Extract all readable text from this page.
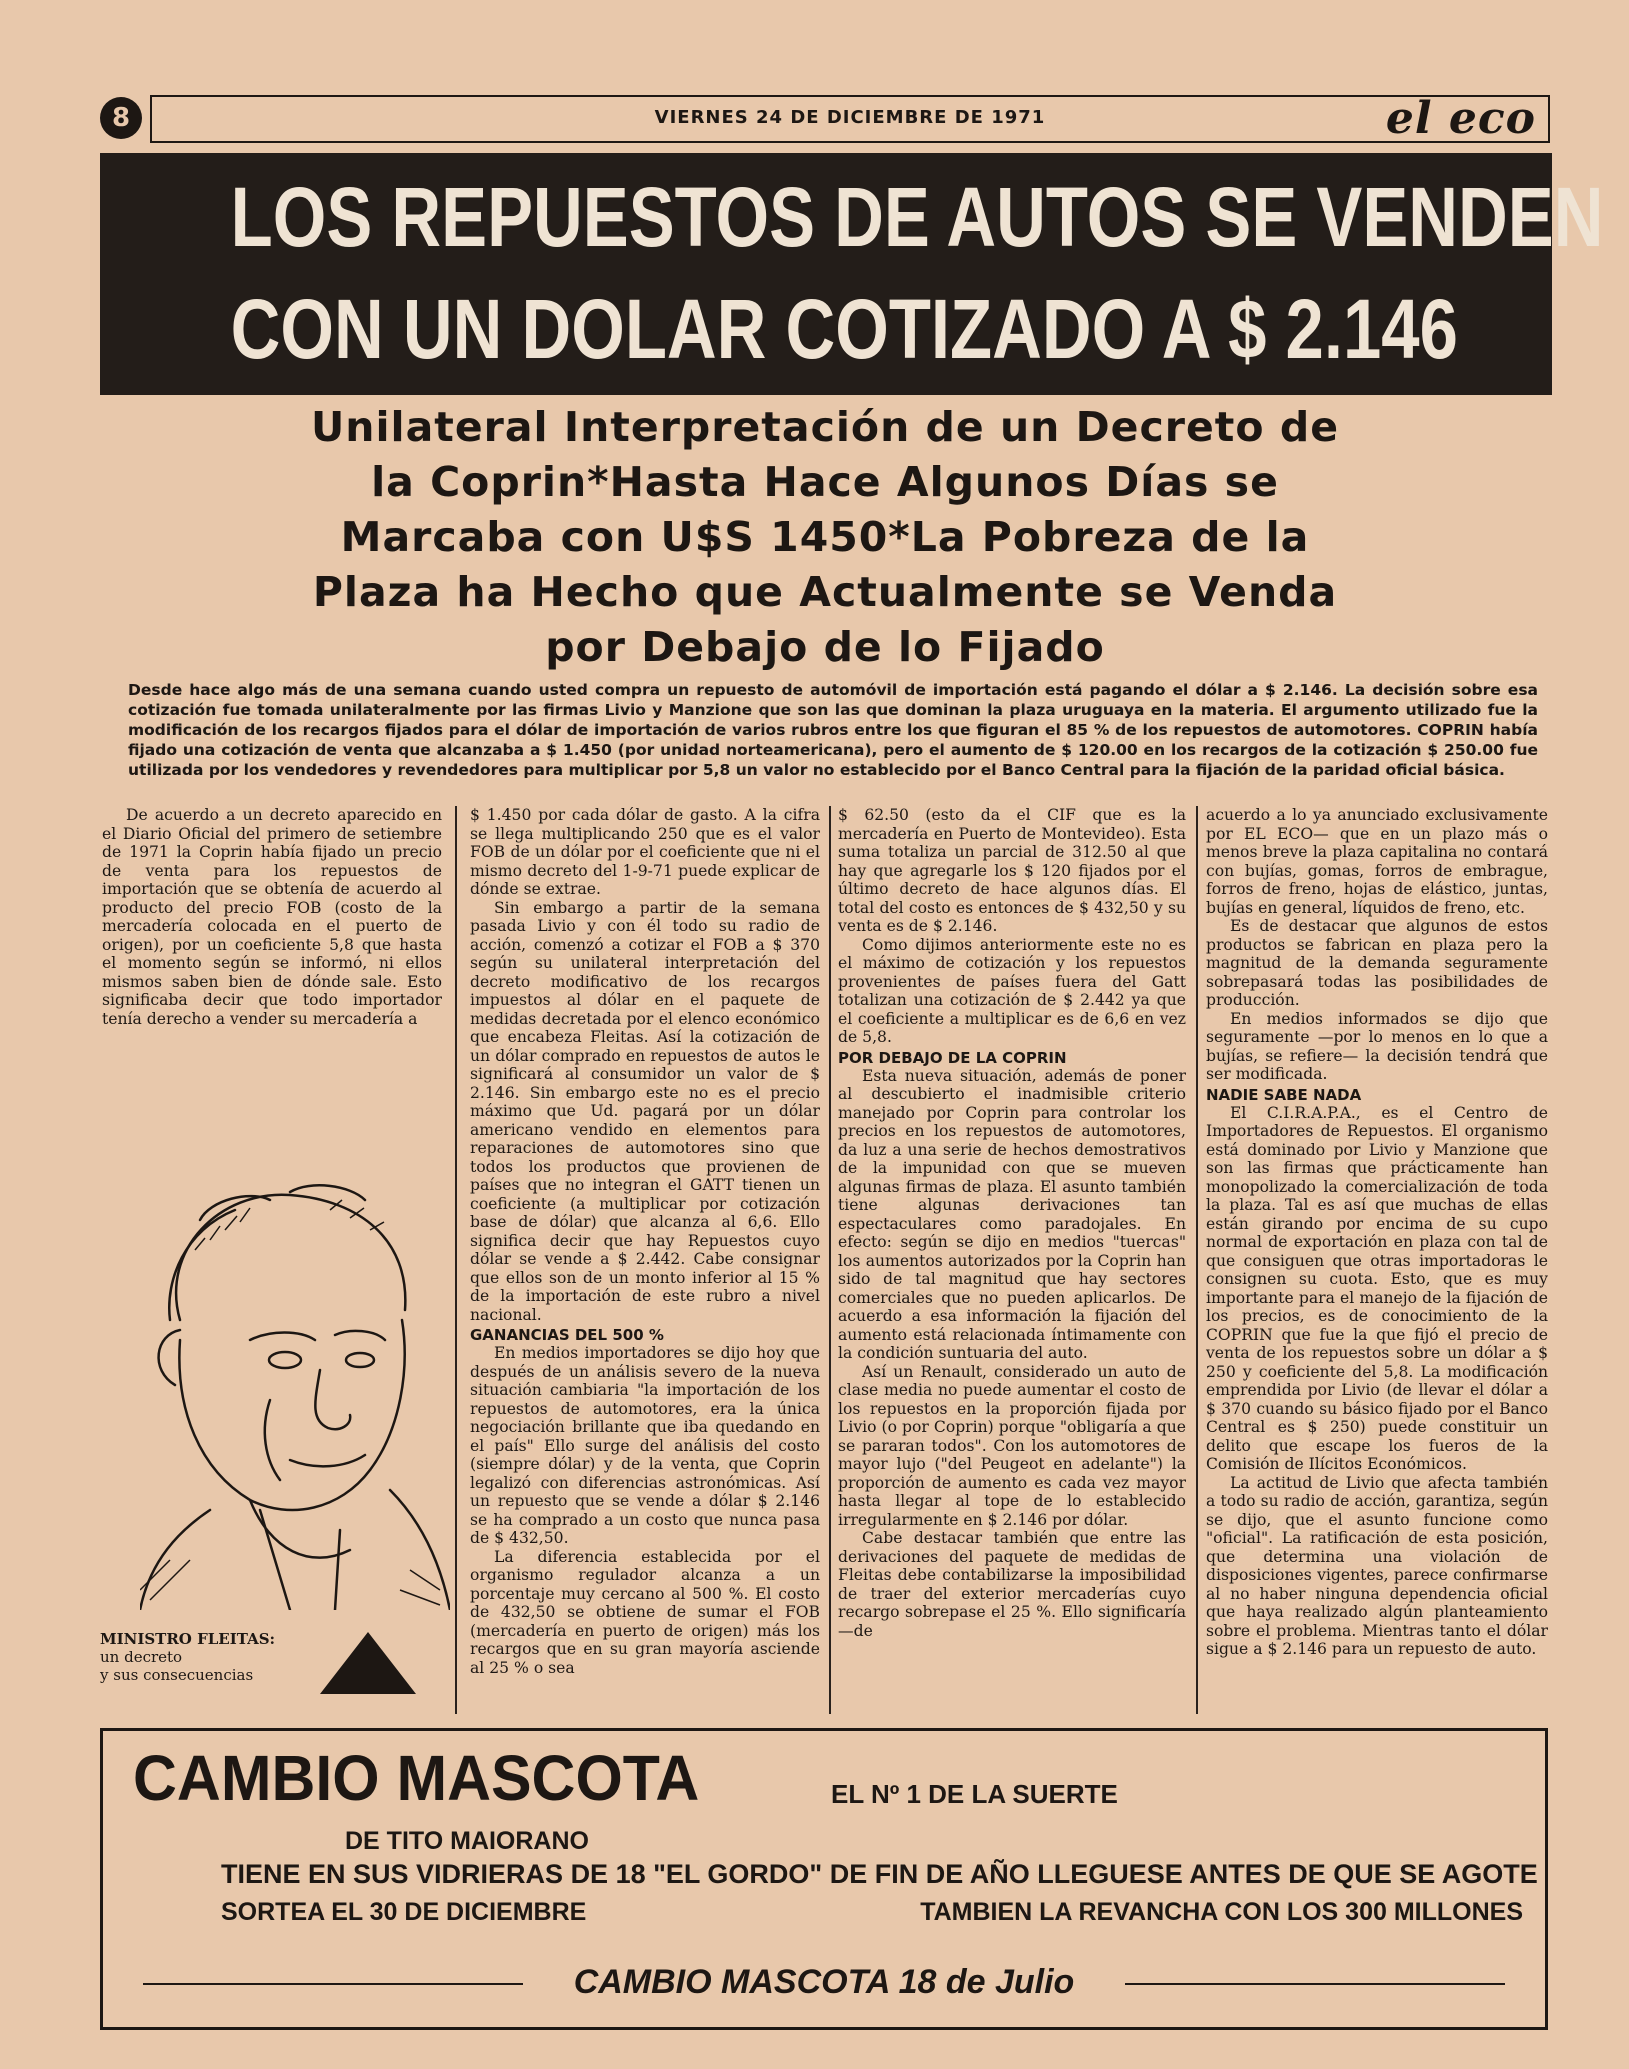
8	VIERNES 24 DE DICIEMBRE DE 1971	el eco
LOS REPUESTOS DE AUTOS SE VENDEN
CON UN DOLAR COTIZADO A $ 2.146
Unilateral Interpretación de un Decreto de
la Coprin*Hasta Hace Algunos Días se
Marcaba con U$S 1450*La Pobreza de la
Plaza ha Hecho que Actualmente se Venda
por Debajo de lo Fijado
Desde hace algo más de una semana cuando usted compra un repuesto de automóvil de importación está pagando el dólar a $ 2.146. La decisión sobre esa cotización fue tomada unilateralmente por las firmas Livio y Manzione que son las que dominan la plaza uruguaya en la materia. El argumento utilizado fue la modificación de los recargos fijados para el dólar de importación de varios rubros entre los que figuran el 85 % de los repuestos de automotores. COPRIN había fijado una cotización de venta que alcanzaba a $ 1.450 (por unidad norteamericana), pero el aumento de $ 120.00 en los recargos de la cotización $ 250.00 fue utilizada por los vendedores y revendedores para multiplicar por 5,8 un valor no establecido por el Banco Central para la fijación de la paridad oficial básica.

De acuerdo a un decreto aparecido en el Diario Oficial del primero de setiembre de 1971 la Coprin había fijado un precio de venta para los repuestos de importación que se obtenía de acuerdo al producto del precio FOB (costo de la mercadería colocada en el puerto de origen), por un coeficiente 5,8 que hasta el momento según se informó, ni ellos mismos saben bien de dónde sale. Esto significaba decir que todo importador tenía derecho a vender su mercadería a

MINISTRO FLEITAS:
un decreto
y sus consecuencias

$ 1.450 por cada dólar de gasto. A la cifra se llega multiplicando 250 que es el valor FOB de un dólar por el coeficiente que ni el mismo decreto del 1-9-71 puede explicar de dónde se extrae.

Sin embargo a partir de la semana pasada Livio y con él todo su radio de acción, comenzó a cotizar el FOB a $ 370 según su unilateral interpretación del decreto modificativo de los recargos impuestos al dólar en el paquete de medidas decretada por el elenco económico que encabeza Fleitas. Así la cotización de un dólar comprado en repuestos de autos le significará al consumidor un valor de $ 2.146. Sin embargo este no es el precio máximo que Ud. pagará por un dólar americano vendido en elementos para reparaciones de automotores sino que todos los productos que provienen de países que no integran el GATT tienen un coeficiente (a multiplicar por cotización base de dólar) que alcanza al 6,6. Ello significa decir que hay Repuestos cuyo dólar se vende a $ 2.442. Cabe consignar que ellos son de un monto inferior al 15 % de la importación de este rubro a nivel nacional.

GANANCIAS DEL 500 %

En medios importadores se dijo hoy que después de un análisis severo de la nueva situación cambiaria "la importación de los repuestos de automotores, era la única negociación brillante que iba quedando en el país" Ello surge del análisis del costo (siempre dólar) y de la venta, que Coprin legalizó con diferencias astronómicas. Así un repuesto que se vende a dólar $ 2.146 se ha comprado a un costo que nunca pasa de $ 432,50.

La diferencia establecida por el organismo regulador alcanza a un porcentaje muy cercano al 500 %. El costo de 432,50 se obtiene de sumar el FOB (mercadería en puerto de origen) más los recargos que en su gran mayoría asciende al 25 % o sea

$ 62.50 (esto da el CIF que es la mercadería en Puerto de Montevideo). Esta suma totaliza un parcial de 312.50 al que hay que agregarle los $ 120 fijados por el último decreto de hace algunos días. El total del costo es entonces de $ 432,50 y su venta es de $ 2.146.

Como dijimos anteriormente este no es el máximo de cotización y los repuestos provenientes de países fuera del Gatt totalizan una cotización de $ 2.442 ya que el coeficiente a multiplicar es de 6,6 en vez de 5,8.

POR DEBAJO DE LA COPRIN

Esta nueva situación, además de poner al descubierto el inadmisible criterio manejado por Coprin para controlar los precios en los repuestos de automotores, da luz a una serie de hechos demostrativos de la impunidad con que se mueven algunas firmas de plaza. El asunto también tiene algunas derivaciones tan espectaculares como paradojales. En efecto: según se dijo en medios "tuercas" los aumentos autorizados por la Coprin han sido de tal magnitud que hay sectores comerciales que no pueden aplicarlos. De acuerdo a esa información la fijación del aumento está relacionada íntimamente con la condición suntuaria del auto.

Así un Renault, considerado un auto de clase media no puede aumentar el costo de los repuestos en la proporción fijada por Livio (o por Coprin) porque "obligaría a que se pararan todos". Con los automotores de mayor lujo ("del Peugeot en adelante") la proporción de aumento es cada vez mayor hasta llegar al tope de lo establecido irregularmente en $ 2.146 por dólar.

Cabe destacar también que entre las derivaciones del paquete de medidas de Fleitas debe contabilizarse la imposibilidad de traer del exterior mercaderías cuyo recargo sobrepase el 25 %. Ello significaría —de

acuerdo a lo ya anunciado exclusivamente por EL ECO— que en un plazo más o menos breve la plaza capitalina no contará con bujías, gomas, forros de embrague, forros de freno, hojas de elástico, juntas, bujías en general, líquidos de freno, etc.

Es de destacar que algunos de estos productos se fabrican en plaza pero la magnitud de la demanda seguramente sobrepasará todas las posibilidades de producción.

En medios informados se dijo que seguramente —por lo menos en lo que a bujías, se refiere— la decisión tendrá que ser modificada.

NADIE SABE NADA

El C.I.R.A.P.A., es el Centro de Importadores de Repuestos. El organismo está dominado por Livio y Manzione que son las firmas que prácticamente han monopolizado la comercialización de toda la plaza. Tal es así que muchas de ellas están girando por encima de su cupo normal de exportación en plaza con tal de que consiguen que otras importadoras le consignen su cuota. Esto, que es muy importante para el manejo de la fijación de los precios, es de conocimiento de la COPRIN que fue la que fijó el precio de venta de los repuestos sobre un dólar a $ 250 y coeficiente del 5,8. La modificación emprendida por Livio (de llevar el dólar a $ 370 cuando su básico fijado por el Banco Central es $ 250) puede constituir un delito que escape los fueros de la Comisión de Ilícitos Económicos.

La actitud de Livio que afecta también a todo su radio de acción, garantiza, según se dijo, que el asunto funcione como "oficial". La ratificación de esta posición, que determina una violación de disposiciones vigentes, parece confirmarse al no haber ninguna dependencia oficial que haya realizado algún planteamiento sobre el problema. Mientras tanto el dólar sigue a $ 2.146 para un repuesto de auto.

CAMBIO MASCOTA	EL Nº 1 DE LA SUERTE
DE TITO MAIORANO
TIENE EN SUS VIDRIERAS DE 18 "EL GORDO" DE FIN DE AÑO LLEGUESE ANTES DE QUE SE AGOTE
SORTEA EL 30 DE DICIEMBRE	TAMBIEN LA REVANCHA CON LOS 300 MILLONES
CAMBIO MASCOTA 18 de Julio
